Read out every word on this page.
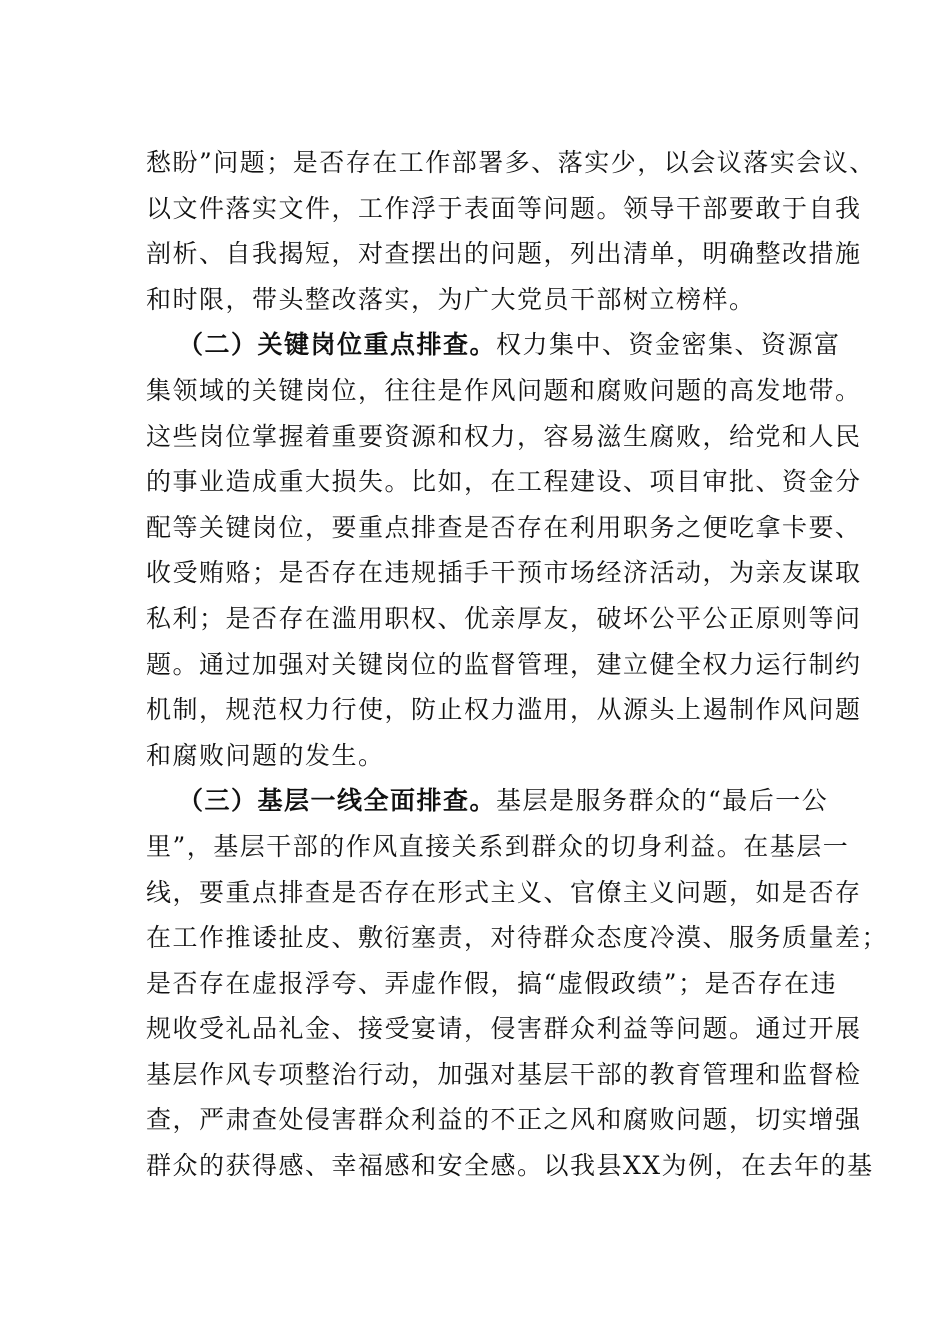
愁盼”问题；是否存在工作部署多、落实少，以会议落实会议、
以文件落实文件，工作浮于表面等问题。领导干部要敢于自我
剖析、自我揭短，对查摆出的问题，列出清单，明确整改措施
和时限，带头整改落实，为广大党员干部树立榜样。
（二）关键岗位重点排查。权力集中、资金密集、资源富
集领域的关键岗位，往往是作风问题和腐败问题的高发地带。
这些岗位掌握着重要资源和权力，容易滋生腐败，给党和人民
的事业造成重大损失。比如，在工程建设、项目审批、资金分
配等关键岗位，要重点排查是否存在利用职务之便吃拿卡要、
收受贿赂；是否存在违规插手干预市场经济活动，为亲友谋取
私利；是否存在滥用职权、优亲厚友，破坏公平公正原则等问
题。通过加强对关键岗位的监督管理，建立健全权力运行制约
机制，规范权力行使，防止权力滥用，从源头上遏制作风问题
和腐败问题的发生。
（三）基层一线全面排查。基层是服务群众的“最后一公
里”，基层干部的作风直接关系到群众的切身利益。在基层一
线，要重点排查是否存在形式主义、官僚主义问题，如是否存
在工作推诿扯皮、敷衍塞责，对待群众态度冷漠、服务质量差；
是否存在虚报浮夸、弄虚作假，搞“虚假政绩”；是否存在违
规收受礼品礼金、接受宴请，侵害群众利益等问题。通过开展
基层作风专项整治行动，加强对基层干部的教育管理和监督检
查，严肃查处侵害群众利益的不正之风和腐败问题，切实增强
群众的获得感、幸福感和安全感。以我县XX为例，在去年的基
